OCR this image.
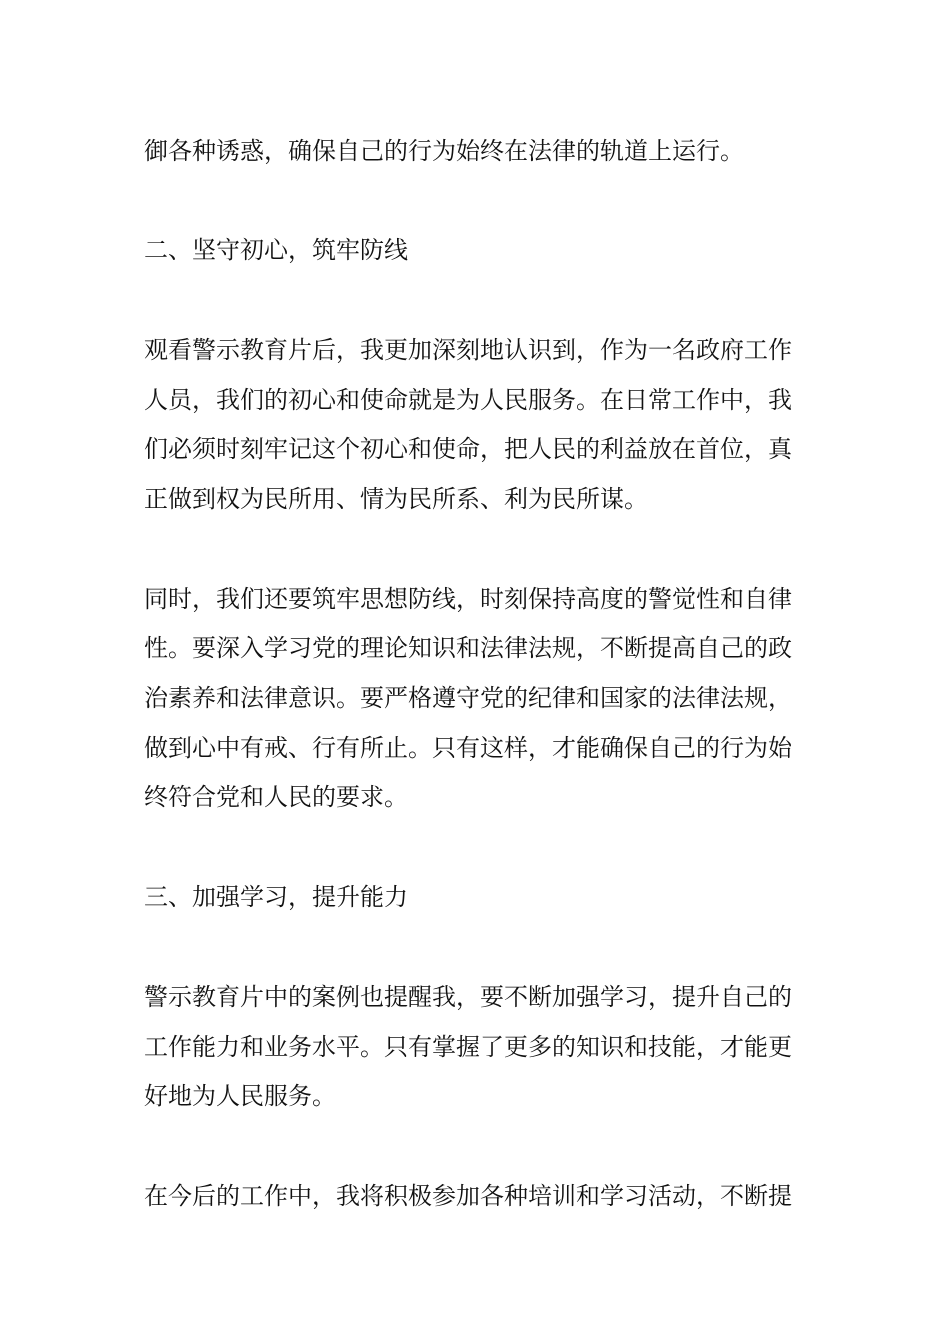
御各种诱惑，确保自己的行为始终在法律的轨道上运行。
二、坚守初心，筑牢防线
观看警示教育片后，我更加深刻地认识到，作为一名政府工作
人员，我们的初心和使命就是为人民服务。在日常工作中，我
们必须时刻牢记这个初心和使命，把人民的利益放在首位，真
正做到权为民所用、情为民所系、利为民所谋。
同时，我们还要筑牢思想防线，时刻保持高度的警觉性和自律
性。要深入学习党的理论知识和法律法规，不断提高自己的政
治素养和法律意识。要严格遵守党的纪律和国家的法律法规，
做到心中有戒、行有所止。只有这样，才能确保自己的行为始
终符合党和人民的要求。
三、加强学习，提升能力
警示教育片中的案例也提醒我，要不断加强学习，提升自己的
工作能力和业务水平。只有掌握了更多的知识和技能，才能更
好地为人民服务。
在今后的工作中，我将积极参加各种培训和学习活动，不断提
